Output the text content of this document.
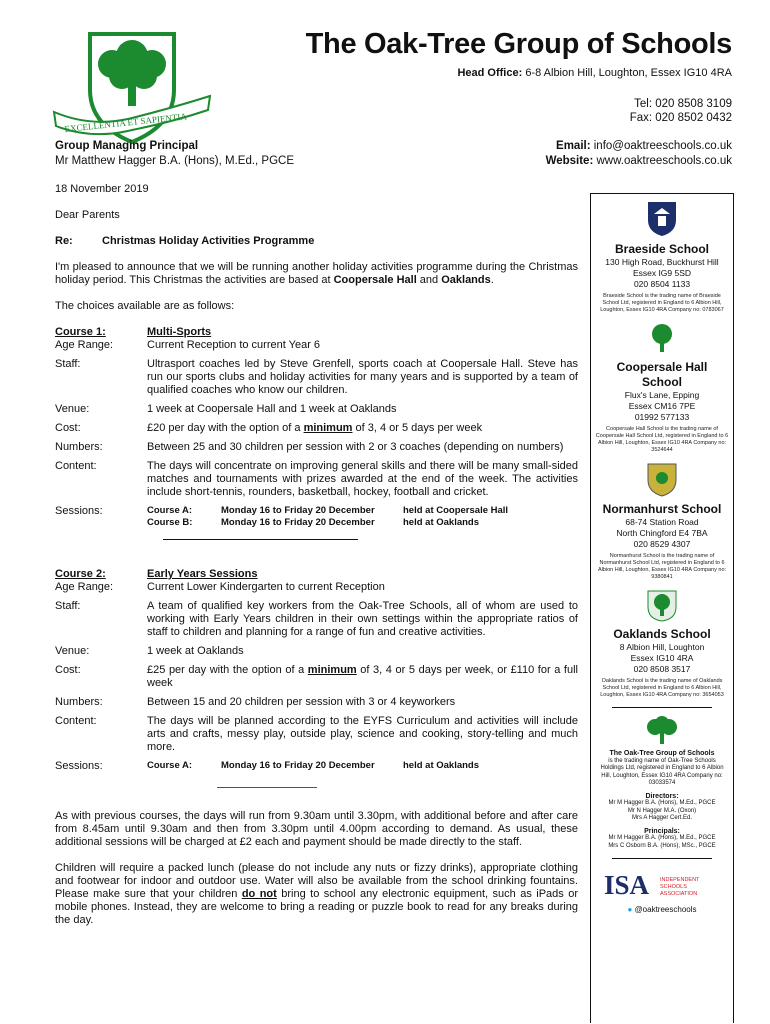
EXCELLENTIA ET SAPIENTIA
The Oak-Tree Group of Schools
Head Office: 6-8 Albion Hill, Loughton, Essex IG10 4RA
Tel: 020 8508 3109
Fax: 020 8502 0432
Group Managing Principal
Mr Matthew Hagger B.A. (Hons), M.Ed., PGCE
Email: info@oaktreeschools.co.uk
Website: www.oaktreeschools.co.uk

18 November 2019

Dear Parents

Re:	Christmas Holiday Activities Programme

I'm pleased to announce that we will be running another holiday activities programme during the Christmas holiday period. This Christmas the activities are based at Coopersale Hall and Oaklands.

The choices available are as follows:

Course 1:	Multi-Sports
Age Range:	Current Reception to current Year 6
Staff:	Ultrasport coaches led by Steve Grenfell, sports coach at Coopersale Hall. Steve has run our sports clubs and holiday activities for many years and is supported by a team of qualified coaches who know our children.
Venue:	1 week at Coopersale Hall and 1 week at Oaklands
Cost:	£20 per day with the option of a minimum of 3, 4 or 5 days per week
Numbers:	Between 25 and 30 children per session with 2 or 3 coaches (depending on numbers)
Content:	The days will concentrate on improving general skills and there will be many small-sided matches and tournaments with prizes awarded at the end of the week. The activities include short-tennis, rounders, basketball, hockey, football and cricket.
Sessions:	Course A:	Monday 16 to Friday 20 December	held at Coopersale Hall
Course B:	Monday 16 to Friday 20 December	held at Oaklands
Course 2:	Early Years Sessions
Age Range:	Current Lower Kindergarten to current Reception
Staff:	A team of qualified key workers from the Oak-Tree Schools, all of whom are used to working with Early Years children in their own settings within the appropriate ratios of staff to children and planning for a range of fun and creative activities.
Venue:	1 week at Oaklands
Cost:	£25 per day with the option of a minimum of 3, 4 or 5 days per week, or £110 for a full week
Numbers:	Between 15 and 20 children per session with 3 or 4 keyworkers
Content:	The days will be planned according to the EYFS Curriculum and activities will include arts and crafts, messy play, outside play, science and cooking, story-telling and much more.
Sessions:	Course A:	Monday 16 to Friday 20 December	held at Oaklands

As with previous courses, the days will run from 9.30am until 3.30pm, with additional before and after care from 8.45am until 9.30am and then from 3.30pm until 4.00pm according to demand. As usual, these additional sessions will be charged at £2 each and payment should be made directly to the staff.

Children will require a packed lunch (please do not include any nuts or fizzy drinks), appropriate clothing and footwear for indoor and outdoor use. Water will also be available from the school drinking fountains. Please make sure that your children do not bring to school any electronic equipment, such as iPads or mobile phones. Instead, they are welcome to bring a reading or puzzle book to read for any breaks during the day.

Braeside School
130 High Road, Buckhurst Hill
Essex IG9 5SD
020 8504 1133
Braeside School is the trading name of Braeside School Ltd, registered in England to 6 Albion Hill, Loughton, Essex IG10 4RA Company no: 0783067
Coopersale Hall School
Flux's Lane, Epping
Essex CM16 7PE
01992 577133
Coopersale Hall School is the trading name of Coopersale Hall School Ltd, registered in England to 6 Albion Hill, Loughton, Essex IG10 4RA Company no: 3524644
Normanhurst School
68-74 Station Road
North Chingford E4 7BA
020 8529 4307
Normanhurst School is the trading name of Normanhurst School Ltd, registered in England to 6 Albion Hill, Loughton, Essex IG10 4RA Company no: 9380841
Oaklands School
8 Albion Hill, Loughton
Essex IG10 4RA
020 8508 3517
Oaklands School is the trading name of Oaklands School Ltd, registered in England to 6 Albion Hill, Loughton, Essex IG10 4RA Company no: 3654053
The Oak-Tree Group of Schools
is the trading name of Oak-Tree Schools Holdings Ltd, registered in England to 6 Albion Hill, Loughton, Essex IG10 4RA Company no: 03033574
Directors:
Mr M Hagger B.A. (Hons), M.Ed., PGCE
Mr N Hagger M.A. (Oxon)
Mrs A Hagger Cert.Ed.
Principals:
Mr M Hagger B.A. (Hons), M.Ed., PGCE
Mrs C Osborn B.A. (Hons), MSc., PGCE
ISA INDEPENDENT
SCHOOLS
ASSOCIATION
● @oaktreeschools
